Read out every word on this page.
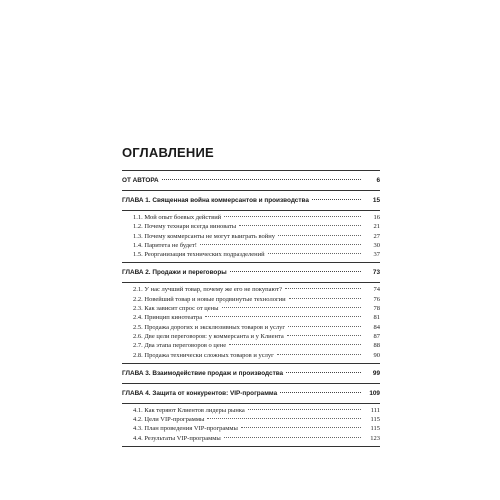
ОГЛАВЛЕНИЕ
ОТ АВТОРА	6
ГЛАВА 1. Священная война коммерсантов и производства	15
1.1. Мой опыт боевых действий	16
1.2. Почему технари всегда виноваты	21
1.3. Почему коммерсанты не могут выиграть войну	27
1.4. Паритета не будет!	30
1.5. Реорганизация технических подразделений	37
ГЛАВА 2. Продажи и переговоры	73
2.1. У нас лучший товар, почему же его не покупают?	74
2.2. Новейший товар и новые продвинутые технологии	76
2.3. Как зависит спрос от цены	78
2.4. Принцип кинотеатра	81
2.5. Продажа дорогих и эксклюзивных товаров и услуг	84
2.6. Две цели переговоров: у коммерсанта и у Клиента	87
2.7. Два этапа переговоров о цене	88
2.8. Продажа технически сложных товаров и услуг	90
ГЛАВА 3. Взаимодействие продаж и производства	99
ГЛАВА 4. Защита от конкурентов: VIP-программа	109
4.1. Как теряют Клиентов лидеры рынка	111
4.2. Цели VIP-программы	115
4.3. План проведения VIP-программы	115
4.4. Результаты VIP-программы	123
